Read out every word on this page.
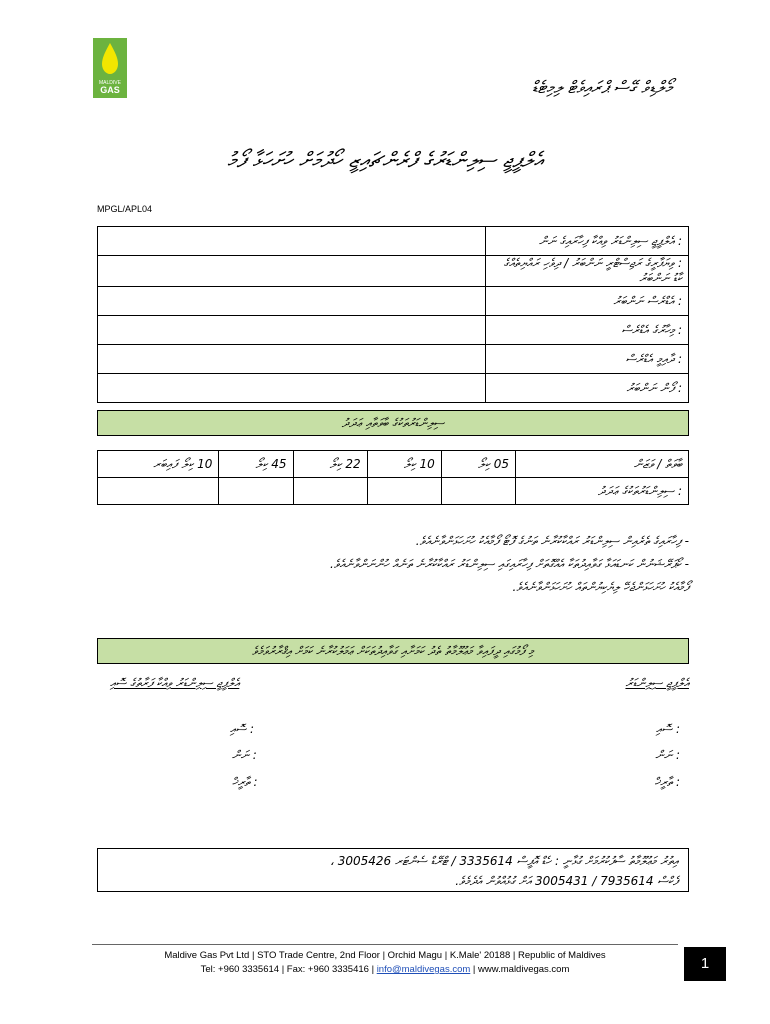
MALDIVE
GAS	މޯލްޑިވް ގޭސް ޕްރައިވެޓް ލިމިޓެޑް
އެލްޕީޖީ ސިލިންޑަރުގެ ފްރެންޗައިޒީ ހޯދުމަށް ހުށަހަޅާ ފޯމު
MPGL/APL04
	: އެލްޕީޖީ ސިލިންޑަރު ވިއްކާ ފިހާރައިގެ ނަން
	: ވިޔަފާރީގެ ރަޖިސްޓްރީ ނަންބަރު / ދިވެހި ރައްޔިތެއްގެ ކާޑު ނަންބަރު
	: އެޑްރެސް ނަންބަރު
	: މިހާރުގެ އެޑްރެސް
	: ދާއިމީ އެޑްރެސް
	: ފޯން ނަންބަރު
ސިލިންޑަރުތަކުގެ ބާވަތާއި ޢަދަދު
10 ކިލޯ ފައިބަރ	45 ކިލޯ	22 ކިލޯ	10 ކިލޯ	05 ކިލޯ	ބާވަތް / ވަޒަން
					: ސިލިންޑަރުތަކުގެ ޢަދަދު

- ފިހާރައިގެ ތެރެއިން ސިލިންޑަރު ރައްކާކުރާނެ ތަނުގެ ފޮޓޯ ފޯމާއެކު ހުށަހަޅަންވާނެއެވެ.

- ކޯޕަރޭޝަނުން ކަނޑައަޅާ ގަވާއިދުތަކާ އެއްގޮތަށް ފިހާރައިގައި ސިލިންޑަރު ރައްކާކުރާނެ ތަނެއް ހުންނަންވާނެއެވެ.

ފޯމާއެކު ހުށަހަޅަންޖެހޭ ލިޔެކިޔުންތައް ހުށަހަޅަންވާނެއެވެ.

މި ފޯމުގައި ދީފައިވާ މަޢުލޫމާތު ތެދު ކަމަށާއި ގަވާއިދުތަކަށް ޢަމަލުކުރާނެ ކަމަށް އިޤްރާރުވަމެވެ
އެލްޕީޖީ ސިލިންޑަރު
އެލްޕީޖީ ސިލިންޑަރު ވިއްކާ ފަރާތުގެ ސޮއި
: ސޮއި
: ނަން
: ތާރީޚް
: ސޮއި
: ނަން
: ތާރީޚް

އިތުރު މަޢުލޫމާތު ސާފުކުރުމަށް ގުޅާނީ : ހެޑް އޮފީސް 3335614 / ޓްރޭޑް ސެންޓަރ 3005426 ،

ފެކްސް 7935614 / 3005431 އަށް ގުޅުއްވުން އެދެމެވެ.

Maldive Gas Pvt Ltd | STO Trade Centre, 2nd Floor | Orchid Magu | K.Male' 20188 | Republic of Maldives
Tel: +960 3335614 | Fax: +960 3335416 | info@maldivegas.com | www.maldivegas.com	1
